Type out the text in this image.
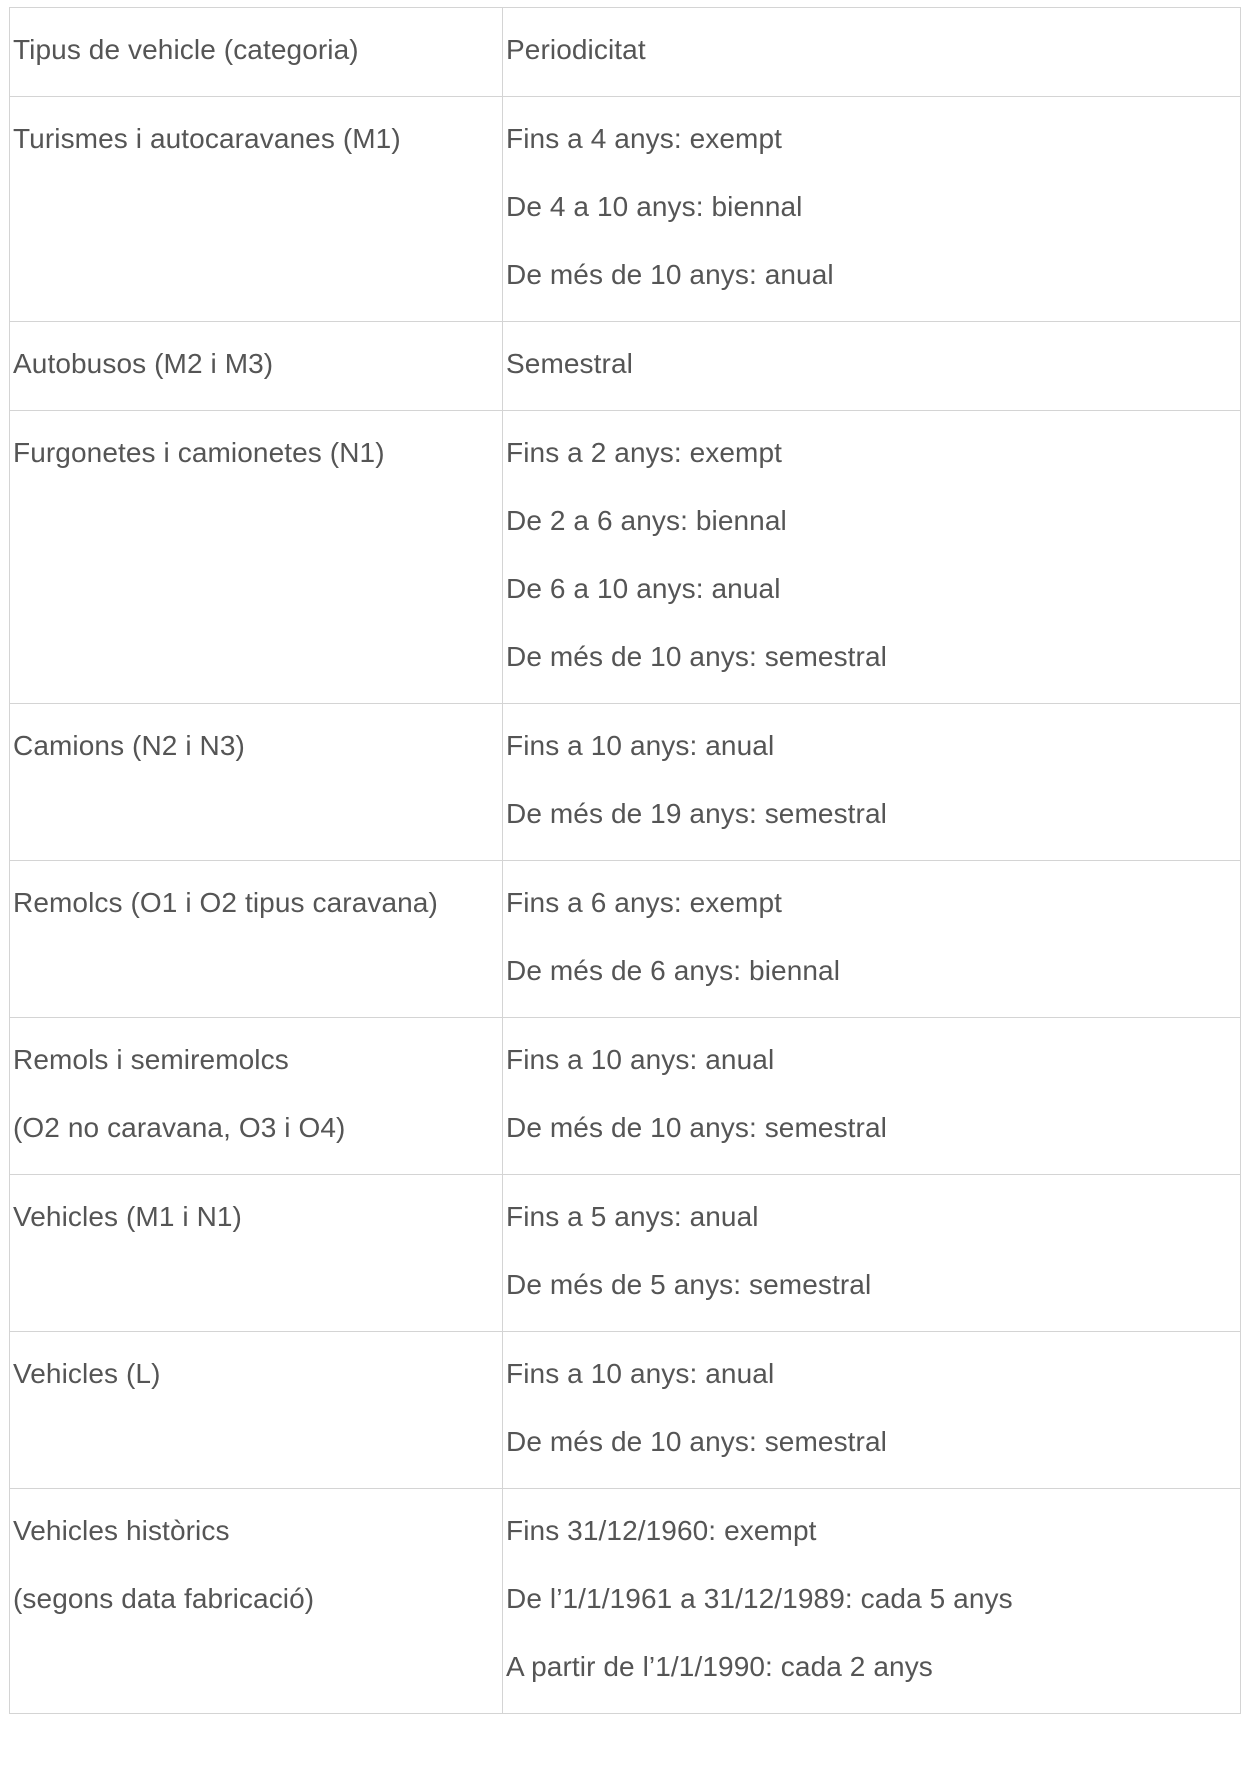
Tipus de vehicle (categoria)	Periodicitat

Turismes i autocaravanes (M1)	Fins a 4 anys: exempt
De 4 a 10 anys: biennal
De més de 10 anys: anual

Autobusos (M2 i M3)	Semestral

Furgonetes i camionetes (N1)	Fins a 2 anys: exempt
De 2 a 6 anys: biennal
De 6 a 10 anys: anual
De més de 10 anys: semestral

Camions (N2 i N3)	Fins a 10 anys: anual
De més de 19 anys: semestral

Remolcs (O1 i O2 tipus caravana)	Fins a 6 anys: exempt
De més de 6 anys: biennal

Remols i semiremolcs
(O2 no caravana, O3 i O4)	Fins a 10 anys: anual
De més de 10 anys: semestral

Vehicles (M1 i N1)	Fins a 5 anys: anual
De més de 5 anys: semestral

Vehicles (L)	Fins a 10 anys: anual
De més de 10 anys: semestral

Vehicles històrics
(segons data fabricació)	Fins 31/12/1960: exempt
De l’1/1/1961 a 31/12/1989: cada 5 anys
A partir de l’1/1/1990: cada 2 anys
